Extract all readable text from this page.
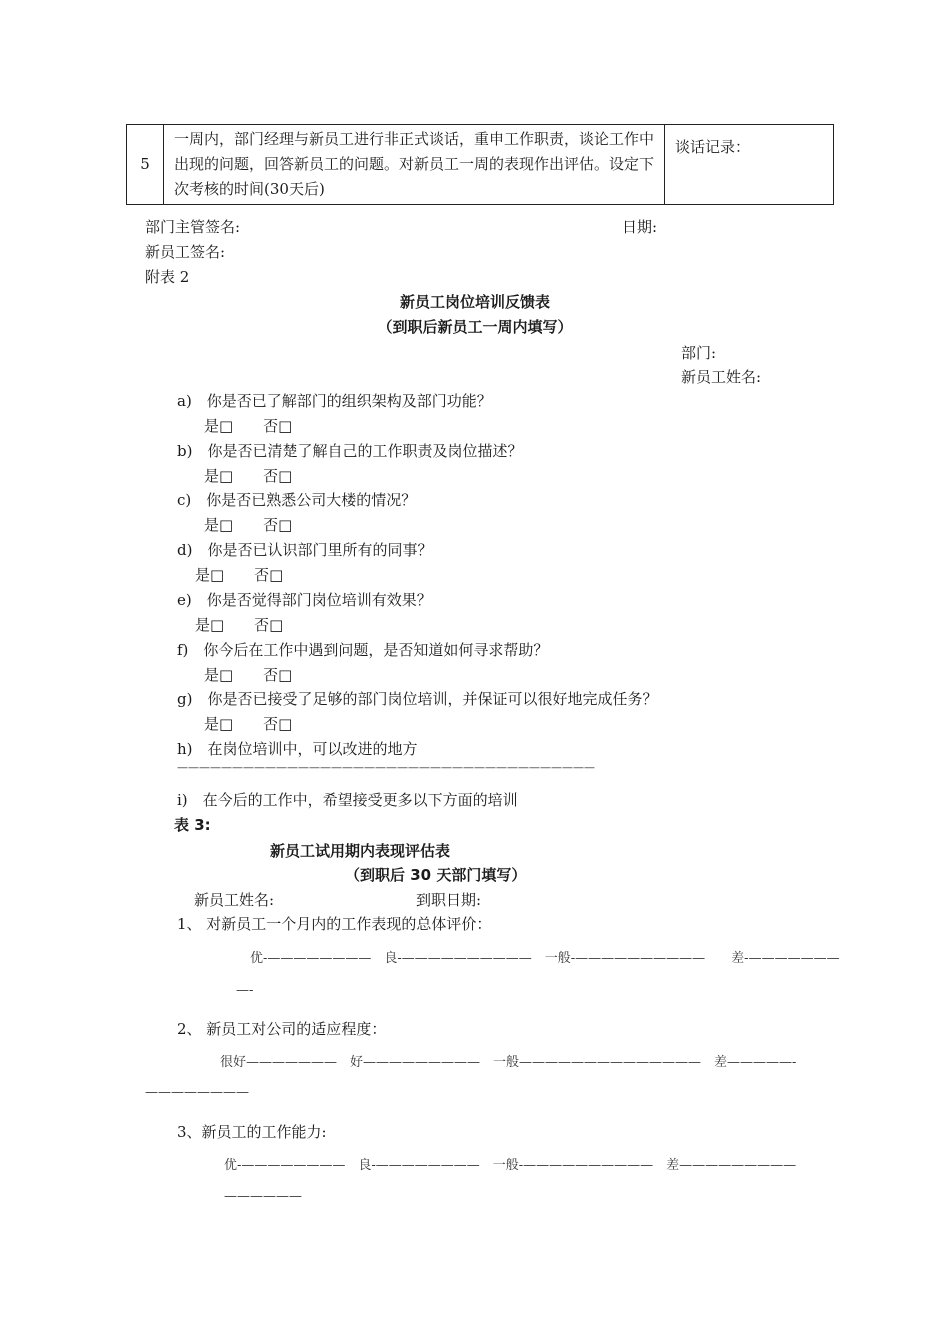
5	一周内，部门经理与新员工进行非正式谈话，重申工作职责，谈论工作中出现的问题，回答新员工的问题。对新员工一周的表现作出评估。设定下次考核的时间(30天后)	谈话记录：
部门主管签名:	日期:
新员工签名:
附表 2
新员工岗位培训反馈表
（到职后新员工一周内填写）
部门:
新员工姓名:
a)　你是否已了解部门的组织架构及部门功能？
是□　　否□
b)　你是否已清楚了解自己的工作职责及岗位描述？
是□　　否□
c)　你是否已熟悉公司大楼的情况？
是□　　否□
d)　你是否已认识部门里所有的同事？
是□　　否□
e)　你是否觉得部门岗位培训有效果？
是□　　否□
f)　你今后在工作中遇到问题，是否知道如何寻求帮助？
是□　　否□
g)　你是否已接受了足够的部门岗位培训，并保证可以很好地完成任务？
是□　　否□
h)　在岗位培训中，可以改进的地方
——————————————————————————————————————
i)　在今后的工作中，希望接受更多以下方面的培训
表 3:
新员工试用期内表现评估表
（到职后 30 天部门填写）
新员工姓名:	到职日期:
1、 对新员工一个月内的工作表现的总体评价：
优-————————　良-——————————　一般-——————————　　差-———————
—-
2、 新员工对公司的适应程度：
很好———————　好—————————　一般——————————————　差—————-
————————
3、新员工的工作能力:
优-————————　良-————————　一般-——————————　差—————————
——————
